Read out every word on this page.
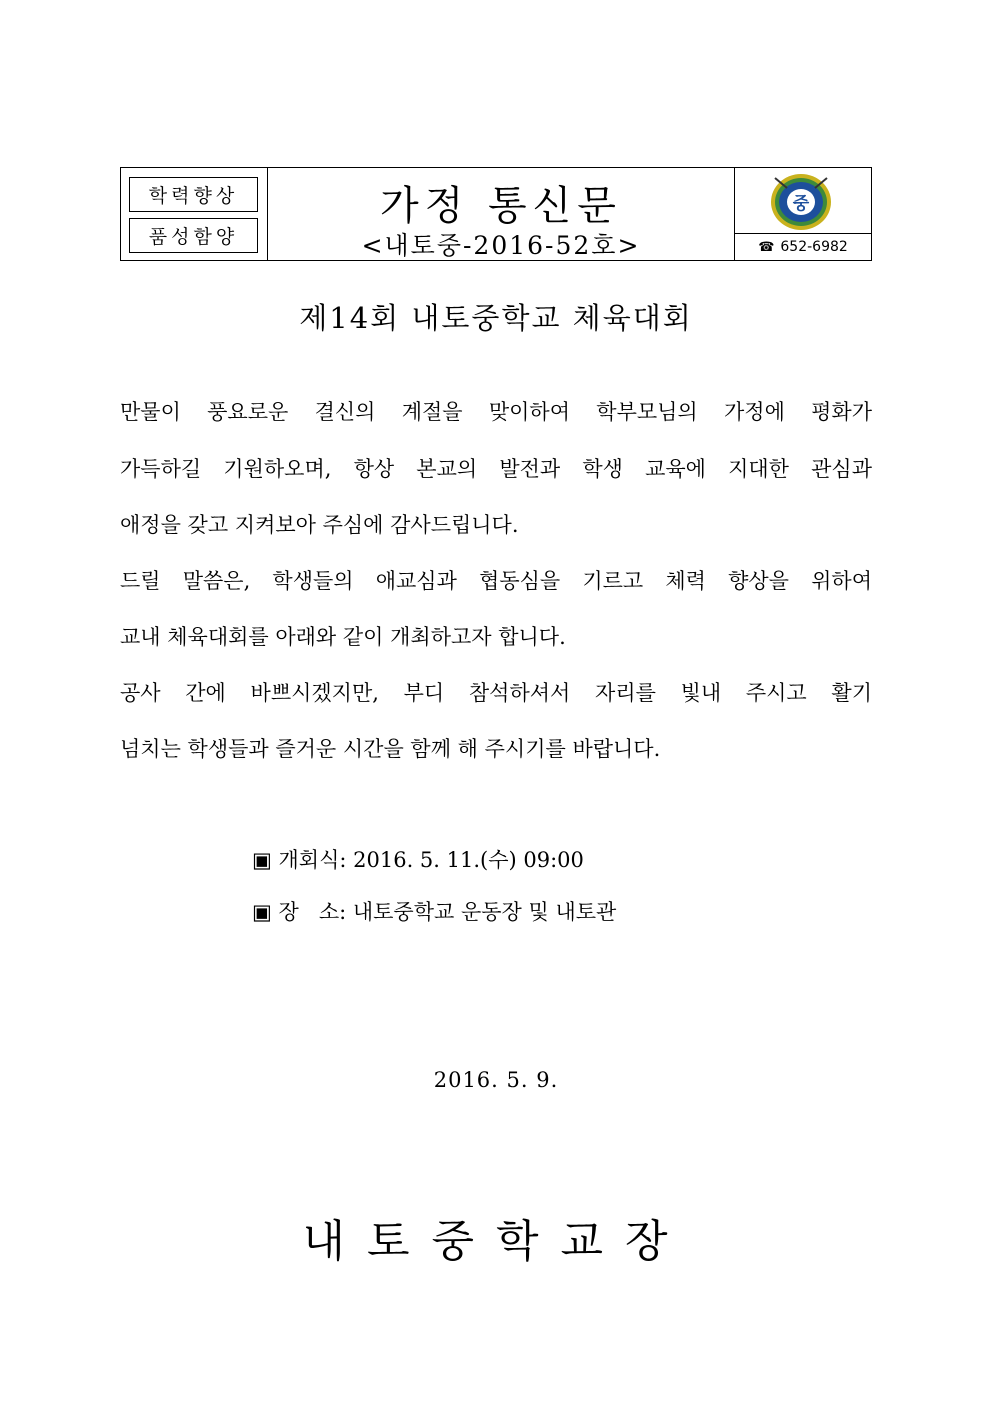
학력향상
품성함양
가정 통신문
<내토중-2016-52호>
중
☎ 652-6982
제14회 내토중학교 체육대회
만물이 풍요로운 결신의 계절을 맞이하여 학부모님의 가정에 평화가
가득하길 기원하오며, 항상 본교의 발전과 학생 교육에 지대한 관심과
애정을 갖고 지켜보아 주심에 감사드립니다.
드릴 말씀은, 학생들의 애교심과 협동심을 기르고 체력 향상을 위하여
교내 체육대회를 아래와 같이 개최하고자 합니다.
공사 간에 바쁘시겠지만, 부디 참석하셔서 자리를 빛내 주시고 활기
넘치는 학생들과 즐거운 시간을 함께 해 주시기를 바랍니다.
▣ 개회식: 2016. 5. 11.(수) 09:00
▣ 장   소: 내토중학교 운동장 및 내토관
2016. 5. 9.
내토중학교장
